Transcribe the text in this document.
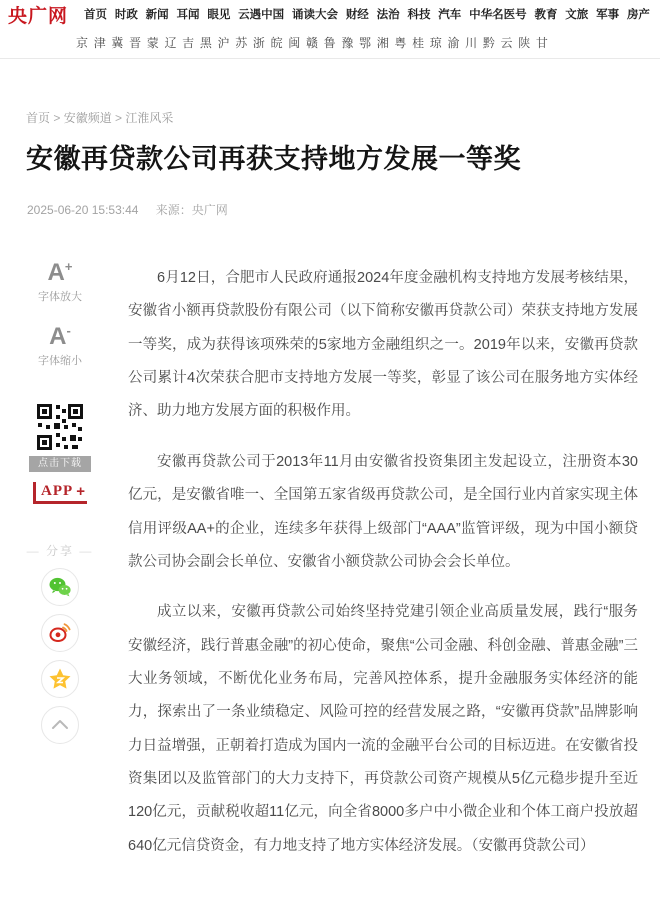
央广网 首页 时政 新闻 耳闻 眼见 云遇中国 诵读大会 财经 法治 科技 汽车 中华名医号 教育 文旅 军事 房产
京 津 冀 晋 蒙 辽 吉 黑 沪 苏 浙 皖 闽 赣 鲁 豫 鄂 湘 粤 桂 琼 渝 川 黔 云 陕 甘
首页 > 安徽频道 > 江淮风采
安徽再贷款公司再获支持地方发展一等奖
2025-06-20 15:53:44 来源：央广网
A+
字体放大
A-
字体缩小
点击下载
APP +
— 分享 —

6月12日，合肥市人民政府通报2024年度金融机构支持地方发展考核结果，安徽省小额再贷款股份有限公司（以下简称安徽再贷款公司）荣获支持地方发展一等奖，成为获得该项殊荣的5家地方金融组织之一。2019年以来，安徽再贷款公司累计4次荣获合肥市支持地方发展一等奖，彰显了该公司在服务地方实体经济、助力地方发展方面的积极作用。

安徽再贷款公司于2013年11月由安徽省投资集团主发起设立，注册资本30亿元，是安徽省唯一、全国第五家省级再贷款公司，是全国行业内首家实现主体信用评级AA+的企业，连续多年获得上级部门“AAA”监管评级，现为中国小额贷款公司协会副会长单位、安徽省小额贷款公司协会会长单位。

成立以来，安徽再贷款公司始终坚持党建引领企业高质量发展，践行“服务安徽经济，践行普惠金融”的初心使命，聚焦“公司金融、科创金融、普惠金融”三大业务领域，不断优化业务布局，完善风控体系，提升金融服务实体经济的能力，探索出了一条业绩稳定、风险可控的经营发展之路，“安徽再贷款”品牌影响力日益增强，正朝着打造成为国内一流的金融平台公司的目标迈进。在安徽省投资集团以及监管部门的大力支持下，再贷款公司资产规模从5亿元稳步提升至近120亿元，贡献税收超11亿元，向全省8000多户中小微企业和个体工商户投放超640亿元信贷资金，有力地支持了地方实体经济发展。（安徽再贷款公司）
